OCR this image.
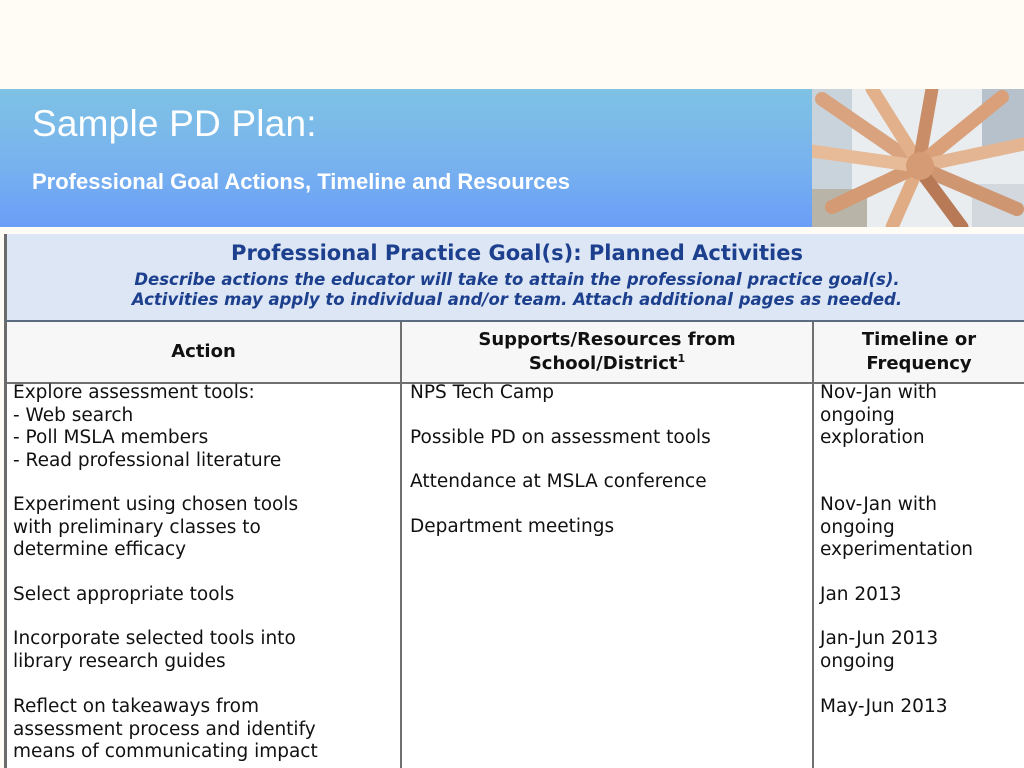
Sample PD Plan:
Professional Goal Actions, Timeline and Resources
Professional Practice Goal(s): Planned Activities
Describe actions the educator will take to attain the professional practice goal(s).
Activities may apply to individual and/or team. Attach additional pages as needed.
Action
Supports/Resources from
School/District$^1$
Timeline or
Frequency
Explore assessment tools:
- Web search
- Poll MSLA members
- Read professional literature
Experiment using chosen tools
with preliminary classes to
determine efficacy
Select appropriate tools
Incorporate selected tools into
library research guides
Reflect on takeaways from
assessment process and identify
means of communicating impact
NPS Tech Camp
Possible PD on assessment tools
Attendance at MSLA conference
Department meetings
Nov-Jan with
ongoing
exploration
Nov-Jan with
ongoing
experimentation
Jan 2013
Jan-Jun 2013
ongoing
May-Jun 2013
